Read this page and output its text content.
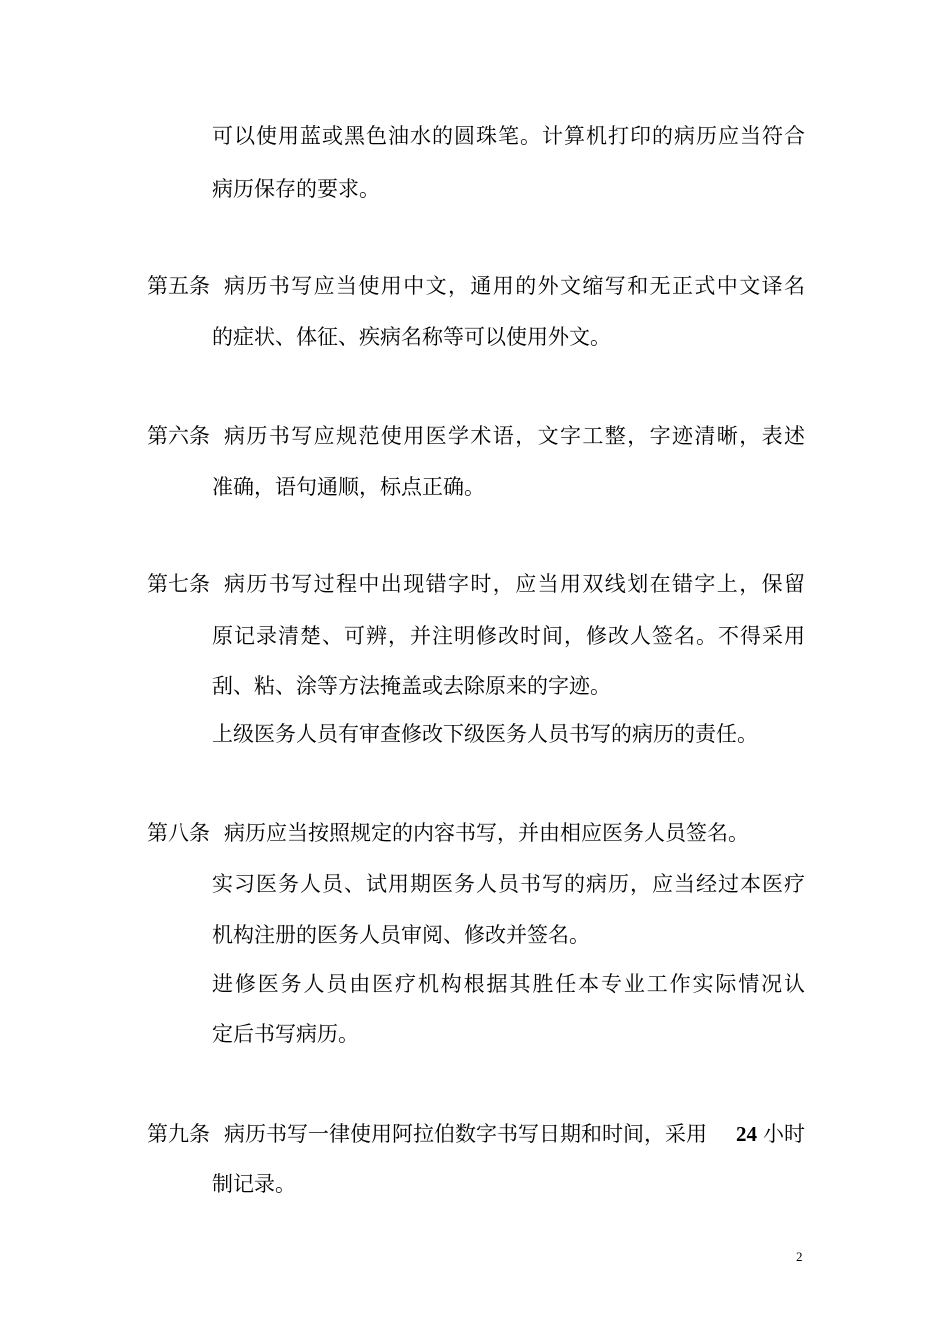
可以使用蓝或黑色油水的圆珠笔。计算机打印的病历应当符合
病历保存的要求。
第五条 病历书写应当使用中文，通用的外文缩写和无正式中文译名
的症状、体征、疾病名称等可以使用外文。
第六条 病历书写应规范使用医学术语，文字工整，字迹清晰，表述
准确，语句通顺，标点正确。
第七条 病历书写过程中出现错字时，应当用双线划在错字上，保留
原记录清楚、可辨，并注明修改时间，修改人签名。不得采用
刮、粘、涂等方法掩盖或去除原来的字迹。
上级医务人员有审查修改下级医务人员书写的病历的责任。
第八条 病历应当按照规定的内容书写，并由相应医务人员签名。
实习医务人员、试用期医务人员书写的病历，应当经过本医疗
机构注册的医务人员审阅、修改并签名。
进修医务人员由医疗机构根据其胜任本专业工作实际情况认
定后书写病历。
第九条 病历书写一律使用阿拉伯数字书写日期和时间，采用 24 小时
制记录。
2
